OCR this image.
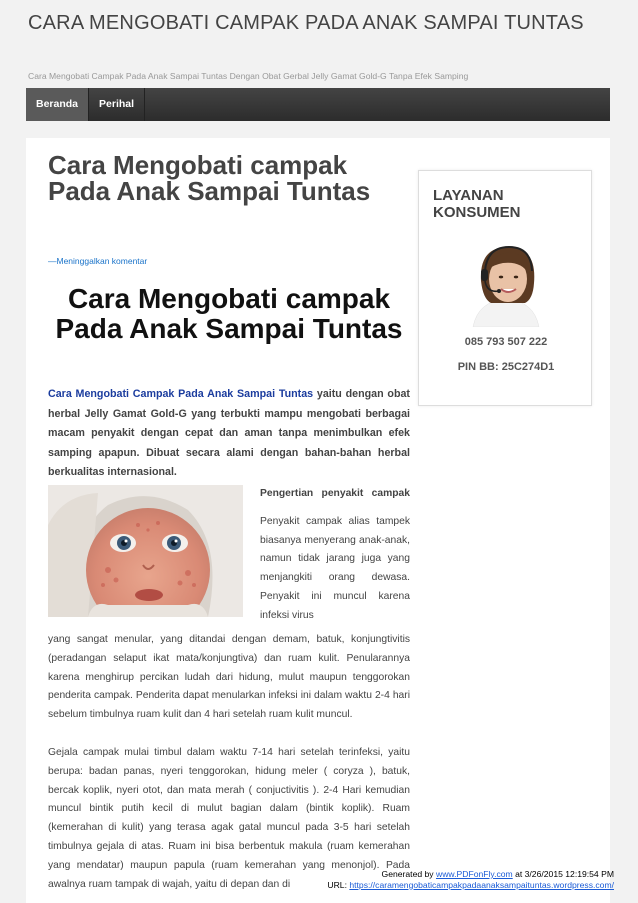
CARA MENGOBATI CAMPAK PADA ANAK SAMPAI TUNTAS
Cara Mengobati Campak Pada Anak Sampai Tuntas Dengan Obat Gerbal Jelly Gamat Gold-G Tanpa Efek Samping
Beranda	Perihal
Cara Mengobati campak Pada Anak Sampai Tuntas
—Meninggalkan komentar
Cara Mengobati campak Pada Anak Sampai Tuntas

Cara Mengobati Campak Pada Anak Sampai Tuntas yaitu dengan obat herbal Jelly Gamat Gold-G yang terbukti mampu mengobati berbagai macam penyakit dengan cepat dan aman tanpa menimbulkan efek samping apapun. Dibuat secara alami dengan bahan-bahan herbal berkualitas internasional.

Pengertian penyakit campak

Penyakit campak alias tampek biasanya menyerang anak-anak, namun tidak jarang juga yang menjangkiti orang dewasa. Penyakit ini muncul karena infeksi virus

yang sangat menular, yang ditandai dengan demam, batuk, konjungtivitis (peradangan selaput ikat mata/konjungtiva) dan ruam kulit. Penularannya karena menghirup percikan ludah dari hidung, mulut maupun tenggorokan penderita campak. Penderita dapat menularkan infeksi ini dalam waktu 2-4 hari sebelum timbulnya ruam kulit dan 4 hari setelah ruam kulit muncul.

Gejala campak mulai timbul dalam waktu 7-14 hari setelah terinfeksi, yaitu berupa: badan panas, nyeri tenggorokan, hidung meler ( coryza ), batuk, bercak koplik, nyeri otot, dan mata merah ( conjuctivitis ). 2-4 Hari kemudian muncul bintik putih kecil di mulut bagian dalam (bintik koplik). Ruam (kemerahan di kulit) yang terasa agak gatal muncul pada 3-5 hari setelah timbulnya gejala di atas. Ruam ini bisa berbentuk makula (ruam kemerahan yang mendatar) maupun papula (ruam kemerahan yang menonjol). Pada awalnya ruam tampak di wajah, yaitu di depan dan di

LAYANAN KONSUMEN
085 793 507 222
PIN BB: 25C274D1
Generated by www.PDFonFly.com at 3/26/2015 12:19:54 PM
URL: https://caramengobaticampakpadaanaksampaituntas.wordpress.com/
